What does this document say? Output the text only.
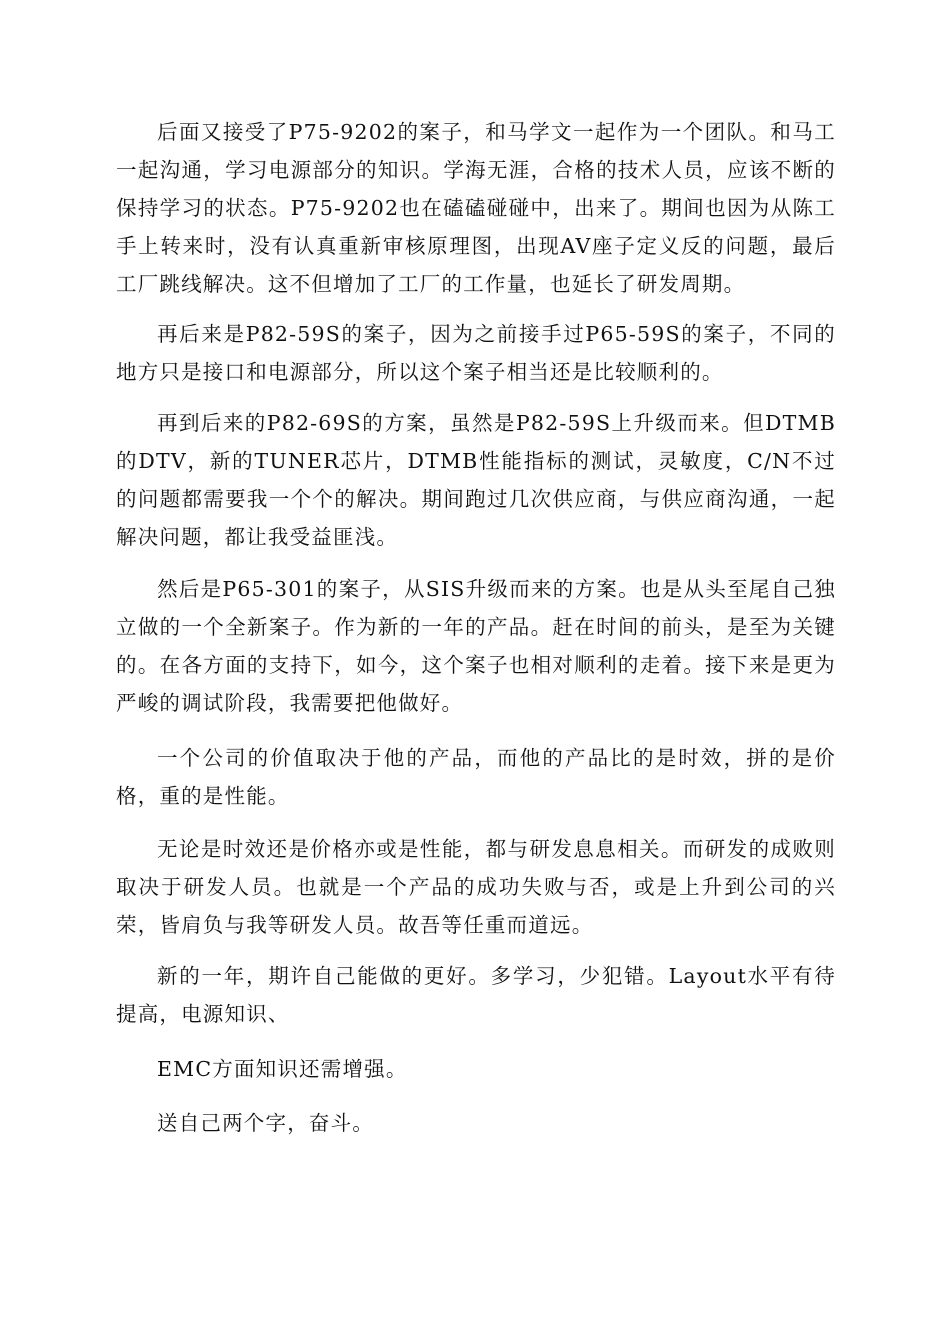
后面又接受了P75-9202的案子，和马学文一起作为一个团队。和马工一起沟通，学习电源部分的知识。学海无涯，合格的技术人员，应该不断的保持学习的状态。P75-9202也在磕磕碰碰中，出来了。期间也因为从陈工手上转来时，没有认真重新审核原理图，出现AV座子定义反的问题，最后工厂跳线解决。这不但增加了工厂的工作量，也延长了研发周期。

再后来是P82-59S的案子，因为之前接手过P65-59S的案子，不同的地方只是接口和电源部分，所以这个案子相当还是比较顺利的。

再到后来的P82-69S的方案，虽然是P82-59S上升级而来。但DTMB的DTV，新的TUNER芯片，DTMB性能指标的测试，灵敏度，C/N不过的问题都需要我一个个的解决。期间跑过几次供应商，与供应商沟通，一起解决问题，都让我受益匪浅。

然后是P65-301的案子，从SIS升级而来的方案。也是从头至尾自己独立做的一个全新案子。作为新的一年的产品。赶在时间的前头，是至为关键的。在各方面的支持下，如今，这个案子也相对顺利的走着。接下来是更为严峻的调试阶段，我需要把他做好。

一个公司的价值取决于他的产品，而他的产品比的是时效，拼的是价格，重的是性能。

无论是时效还是价格亦或是性能，都与研发息息相关。而研发的成败则取决于研发人员。也就是一个产品的成功失败与否，或是上升到公司的兴荣，皆肩负与我等研发人员。故吾等任重而道远。

新的一年，期许自己能做的更好。多学习，少犯错。Layout水平有待提高，电源知识、

EMC方面知识还需增强。

送自己两个字，奋斗。
